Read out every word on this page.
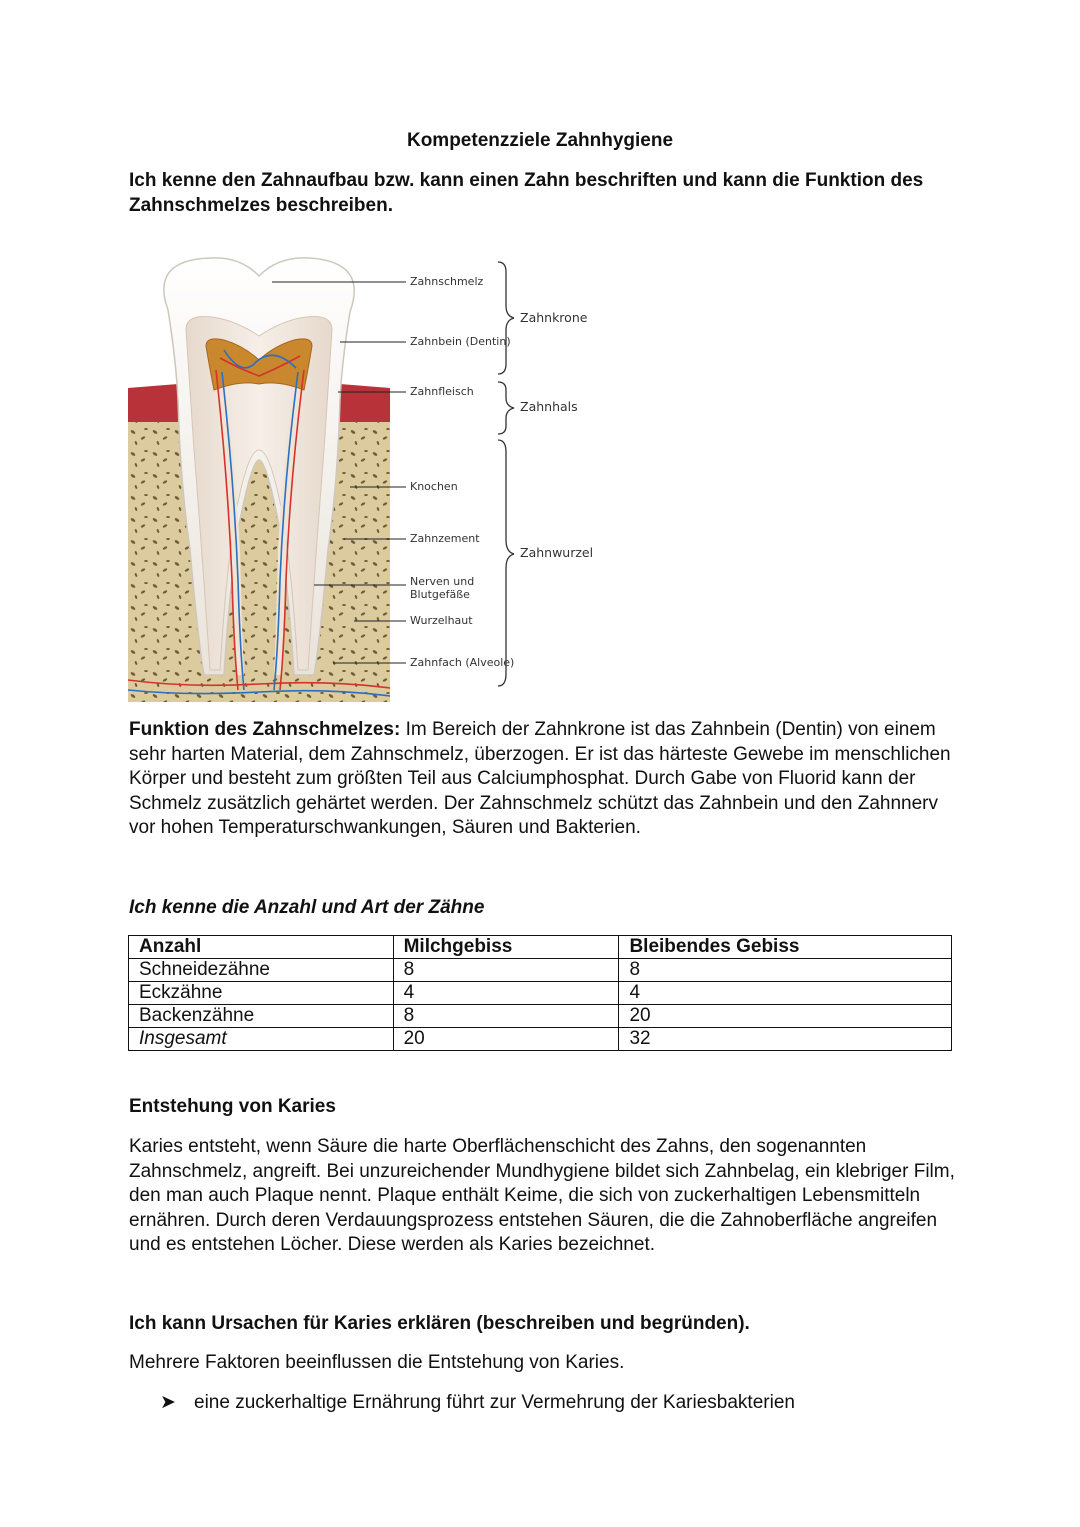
Kompetenzziele Zahnhygiene
Ich kenne den Zahnaufbau bzw. kann einen Zahn beschriften und kann die Funktion des Zahnschmelzes beschreiben.
Zahnschmelz
Zahnbein (Dentin)
Zahnfleisch
Knochen
Zahnzement
Nerven und
Blutgefäße
Wurzelhaut
Zahnfach (Alveole)
Zahnkrone
Zahnhals
Zahnwurzel
Funktion des Zahnschmelzes: Im Bereich der Zahnkrone ist das Zahnbein (Dentin) von einem sehr harten Material, dem Zahnschmelz, überzogen. Er ist das härteste Gewebe im menschlichen Körper und besteht zum größten Teil aus Calciumphosphat. Durch Gabe von Fluorid kann der Schmelz zusätzlich gehärtet werden. Der Zahnschmelz schützt das Zahnbein und den Zahnnerv vor hohen Temperaturschwankungen, Säuren und Bakterien.
Ich kenne die Anzahl und Art der Zähne
Anzahl	Milchgebiss	Bleibendes Gebiss
Schneidezähne	8	8
Eckzähne	4	4
Backenzähne	8	20
Insgesamt	20	32
Entstehung von Karies
Karies entsteht, wenn Säure die harte Oberflächenschicht des Zahns, den sogenannten Zahnschmelz, angreift. Bei unzureichender Mundhygiene bildet sich Zahnbelag, ein klebriger Film, den man auch Plaque nennt. Plaque enthält Keime, die sich von zuckerhaltigen Lebensmitteln ernähren. Durch deren Verdauungsprozess entstehen Säuren, die die Zahnoberfläche angreifen und es entstehen Löcher. Diese werden als Karies bezeichnet.
Ich kann Ursachen für Karies erklären (beschreiben und begründen).
Mehrere Faktoren beeinflussen die Entstehung von Karies.
➤ eine zuckerhaltige Ernährung führt zur Vermehrung der Kariesbakterien
